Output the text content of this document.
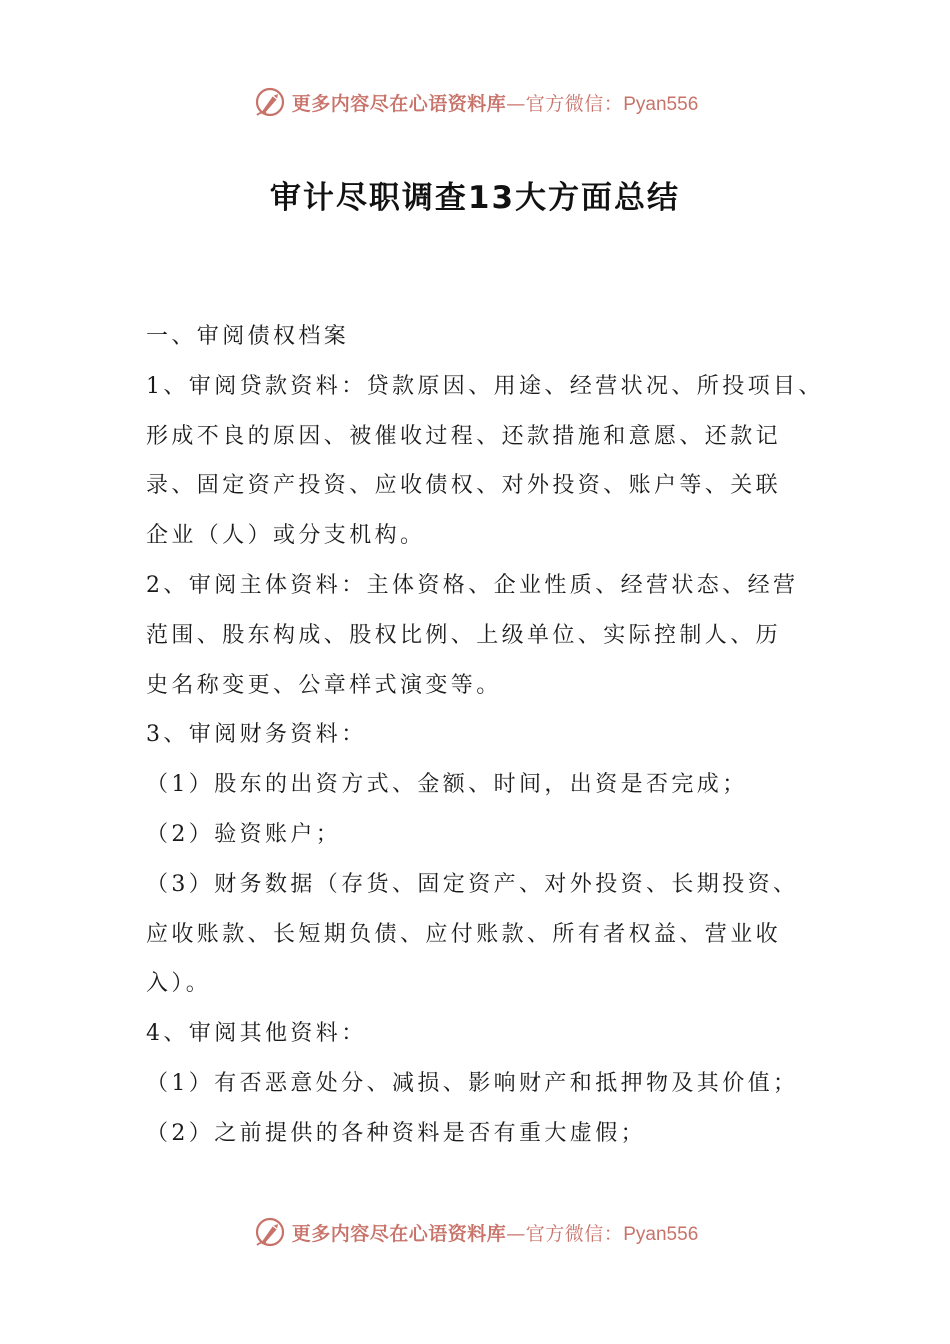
更多内容尽在心语资料库—官方微信：Pyan556
审计尽职调查13大方面总结
一、审阅债权档案
1、审阅贷款资料：贷款原因、用途、经营状况、所投项目、
形成不良的原因、被催收过程、还款措施和意愿、还款记
录、固定资产投资、应收债权、对外投资、账户等、关联
企业（人）或分支机构。
2、审阅主体资料：主体资格、企业性质、经营状态、经营
范围、股东构成、股权比例、上级单位、实际控制人、历
史名称变更、公章样式演变等。
3、审阅财务资料：
（1）股东的出资方式、金额、时间，出资是否完成；
（2）验资账户；
（3）财务数据（存货、固定资产、对外投资、长期投资、
应收账款、长短期负债、应付账款、所有者权益、营业收
入）。
4、审阅其他资料：
（1）有否恶意处分、减损、影响财产和抵押物及其价值；
（2）之前提供的各种资料是否有重大虚假；
更多内容尽在心语资料库—官方微信：Pyan556
